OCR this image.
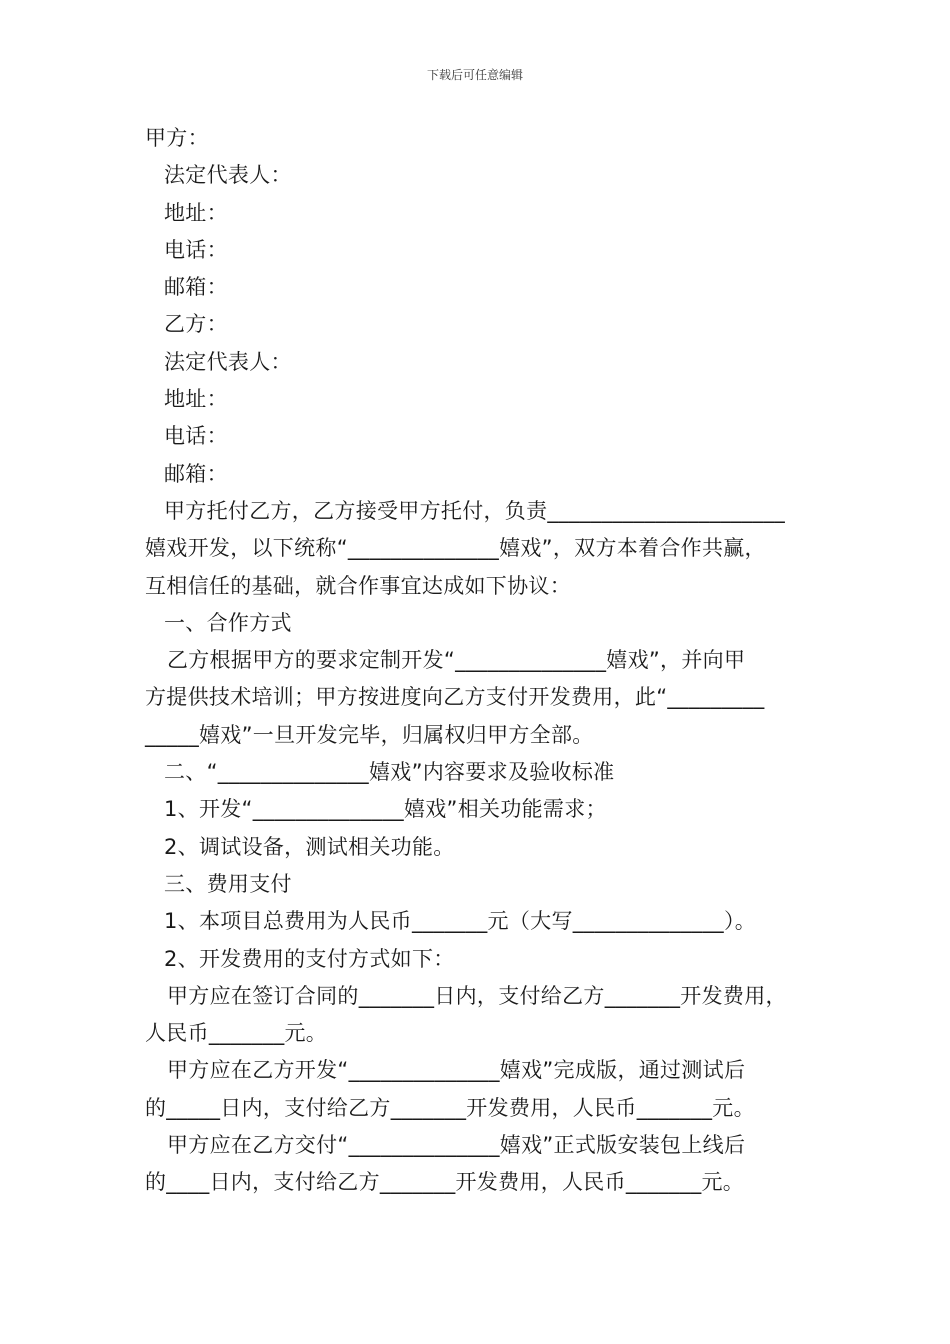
下载后可任意编辑
甲方：
法定代表人：
地址：
电话：
邮箱：
乙方：
法定代表人：
地址：
电话：
邮箱：
甲方托付乙方，乙方接受甲方托付，负责______________________
嬉戏开发，以下统称“______________嬉戏”，双方本着合作共赢，
互相信任的基础，就合作事宜达成如下协议：
一、合作方式
乙方根据甲方的要求定制开发“______________嬉戏”，并向甲
方提供技术培训；甲方按进度向乙方支付开发费用，此“_________
_____嬉戏”一旦开发完毕，归属权归甲方全部。
二、“______________嬉戏”内容要求及验收标准
1、开发“______________嬉戏”相关功能需求；
2、调试设备，测试相关功能。
三、费用支付
1、本项目总费用为人民币_______元（大写______________）。
2、开发费用的支付方式如下：
甲方应在签订合同的_______日内，支付给乙方_______开发费用，
人民币_______元。
甲方应在乙方开发“______________嬉戏”完成版，通过测试后
的_____日内，支付给乙方_______开发费用，人民币_______元。
甲方应在乙方交付“______________嬉戏”正式版安装包上线后
的____日内，支付给乙方_______开发费用，人民币_______元。
